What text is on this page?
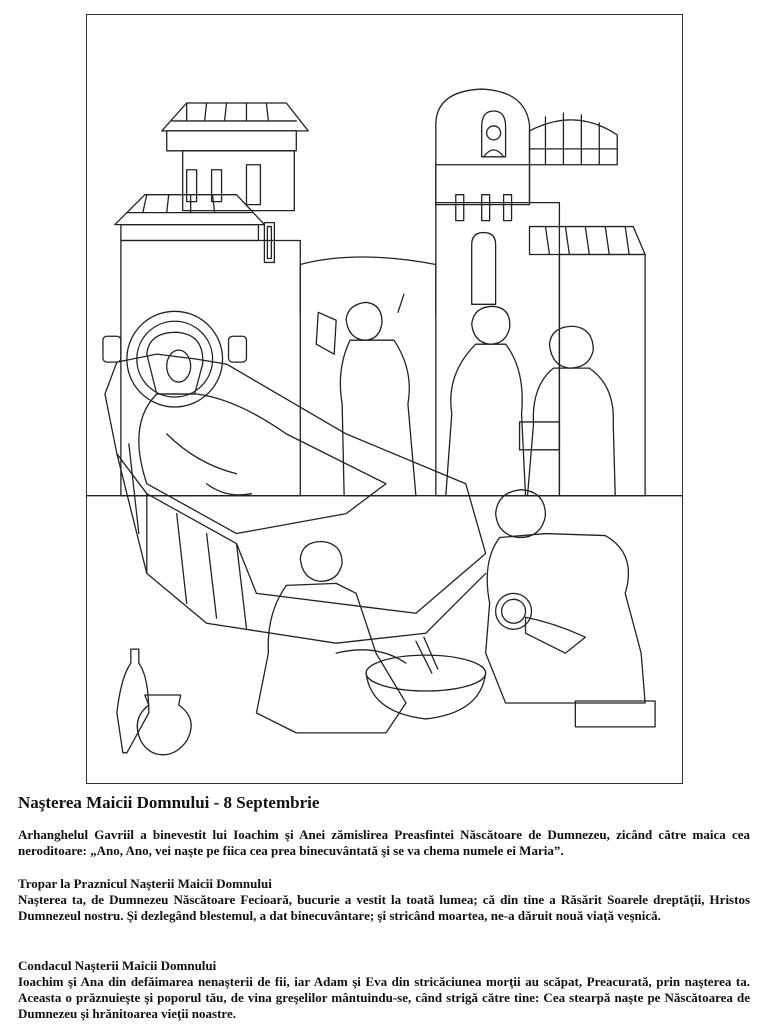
Naşterea Maicii Domnului - 8 Septembrie

Arhanghelul Gavriil a binevestit lui Ioachim şi Anei zămislirea Preasfintei Născătoare de Dumnezeu, zicând către maica cea neroditoare: „Ano, Ano, vei naşte pe fiica cea prea binecuvântată şi se va chema numele ei Maria”.

Tropar la Praznicul Naşterii Maicii Domnului

Naşterea ta, de Dumnezeu Născătoare Fecioară, bucurie a vestit la toată lumea; că din tine a Răsărit Soarele dreptăţii, Hristos Dumnezeul nostru. Şi dezlegând blestemul, a dat binecuvântare; şi stricând moartea, ne-a dăruit nouă viaţă veşnică.

Condacul Naşterii Maicii Domnului

Ioachim şi Ana din defăimarea nenaşterii de fii, iar Adam şi Eva din stricăciunea morţii au scăpat, Preacurată, prin naşterea ta. Aceasta o prăznuieşte şi poporul tău, de vina greşelilor mântuindu-se, când strigă către tine: Cea stearpă naşte pe Născătoarea de Dumnezeu şi hrănitoarea vieţii noastre.
